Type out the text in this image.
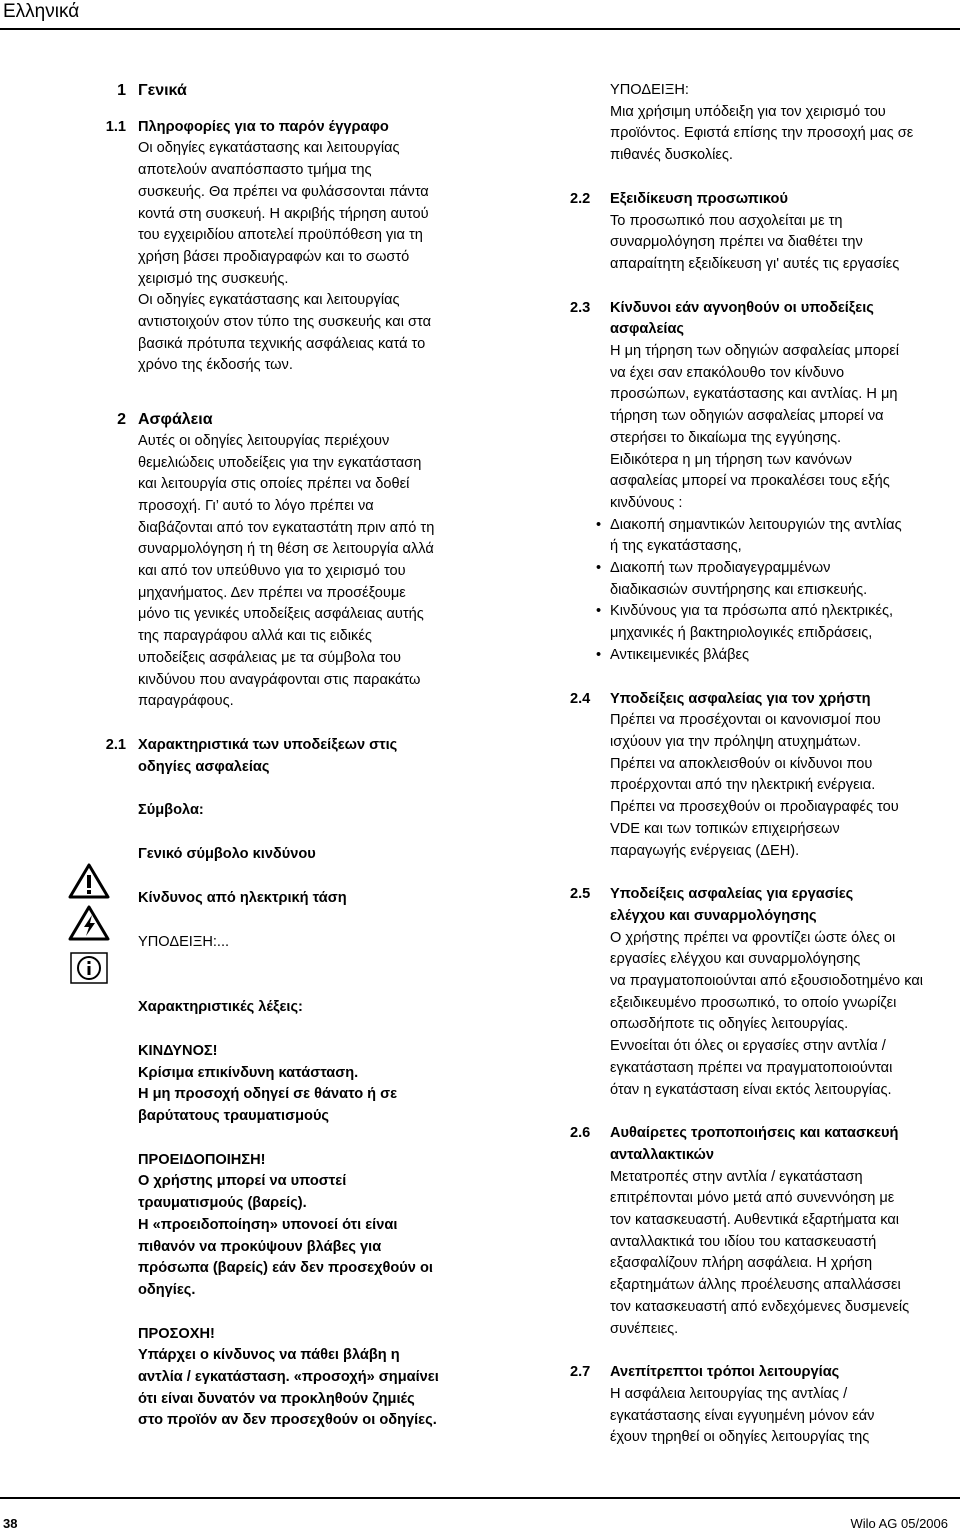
Ελληνικά
1 Γενικά
1.1 Πληροφορίες για το παρόν έγγραφο
Οι οδηγίες εγκατάστασης και λειτουργίας
αποτελούν αναπόσπαστο τμήμα της
συσκευής. Θα πρέπει να φυλάσσονται πάντα
κοντά στη συσκευή. Η ακριβής τήρηση αυτού
του εγχειριδίου αποτελεί προϋπόθεση για τη
χρήση βάσει προδιαγραφών και το σωστό
χειρισμό της συσκευής.
Οι οδηγίες εγκατάστασης και λειτουργίας
αντιστοιχούν στον τύπο της συσκευής και στα
βασικά πρότυπα τεχνικής ασφάλειας κατά το
χρόνο της έκδοσής των.
2 Ασφάλεια
Αυτές οι οδηγίες λειτουργίας περιέχουν
θεμελιώδεις υποδείξεις για την εγκατάσταση
και λειτουργία στις οποίες πρέπει να δοθεί
προσοχή. Γι’ αυτό το λόγο πρέπει να
διαβάζονται από τον εγκαταστάτη πριν από τη
συναρμολόγηση ή τη θέση σε λειτουργία αλλά
και από τον υπεύθυνο για το χειρισμό του
μηχανήματος. Δεν πρέπει να προσέξουμε
μόνο τις γενικές υποδείξεις ασφάλειας αυτής
της παραγράφου αλλά και τις ειδικές
υποδείξεις ασφάλειας με τα σύμβολα του
κινδύνου που αναγράφονται στις παρακάτω
παραγράφους.
2.1 Χαρακτηριστικά των υποδείξεων στις
οδηγίες ασφαλείας
Σύμβολα:
Γενικό σύμβολο κινδύνου
Κίνδυνος από ηλεκτρική τάση
ΥΠΟΔΕΙΞΗ:...
Χαρακτηριστικές λέξεις:
ΚΙΝΔΥΝΟΣ!
Κρίσιμα επικίνδυνη κατάσταση.
Η μη προσοχή οδηγεί σε θάνατο ή σε
βαρύτατους τραυματισμούς
ΠΡΟΕΙΔΟΠΟΙΗΣΗ!
Ο χρήστης μπορεί να υποστεί
τραυματισμούς (βαρείς).
Η «προειδοποίηση» υπονοεί ότι είναι
πιθανόν να προκύψουν βλάβες για
πρόσωπα (βαρείς) εάν δεν προσεχθούν οι
οδηγίες.
ΠΡΟΣΟΧΗ!
Υπάρχει ο κίνδυνος να πάθει βλάβη η
αντλία / εγκατάσταση. «προσοχή» σημαίνει
ότι είναι δυνατόν να προκληθούν ζημιές
στο προϊόν αν δεν προσεχθούν οι οδηγίες.
ΥΠΟΔΕΙΞΗ:
Μια χρήσιμη υπόδειξη για τον χειρισμό του
προϊόντος. Εφιστά επίσης την προσοχή μας σε
πιθανές δυσκολίες.
2.2	Εξειδίκευση προσωπικού
Το προσωπικό που ασχολείται με τη
συναρμολόγηση πρέπει να διαθέτει την
απαραίτητη εξειδίκευση γι' αυτές τις εργασίες
2.3	Κίνδυνοι εάν αγνοηθούν οι υποδείξεις
ασφαλείας
Η μη τήρηση των οδηγιών ασφαλείας μπορεί
να έχει σαν επακόλουθο τον κίνδυνο
προσώπων, εγκατάστασης και αντλίας. Η μη
τήρηση των οδηγιών ασφαλείας μπορεί να
στερήσει το δικαίωμα της εγγύησης.
Ειδικότερα η μη τήρηση των κανόνων
ασφαλείας μπορεί να προκαλέσει τους εξής
κινδύνους :
• Διακοπή σημαντικών λειτουργιών της αντλίας
ή της εγκατάστασης,
• Διακοπή των προδιαγεγραμμένων
διαδικασιών συντήρησης και επισκευής.
• Κινδύνους για τα πρόσωπα από ηλεκτρικές,
μηχανικές ή βακτηριολογικές επιδράσεις,
• Αντικειμενικές βλάβες
2.4	Υποδείξεις ασφαλείας για τον χρήστη
Πρέπει να προσέχονται οι κανονισμοί που
ισχύουν για την πρόληψη ατυχημάτων.
Πρέπει να αποκλεισθούν οι κίνδυνοι που
προέρχονται από την ηλεκτρική ενέργεια.
Πρέπει να προσεχθούν οι προδιαγραφές του
VDE και των τοπικών επιχειρήσεων
παραγωγής ενέργειας (ΔΕΗ).
2.5	Υποδείξεις ασφαλείας για εργασίες
ελέγχου και συναρμολόγησης
Ο χρήστης πρέπει να φροντίζει ώστε όλες οι
εργασίες ελέγχου και συναρμολόγησης
να πραγματοποιούνται από εξουσιοδοτημένο και
εξειδικευμένο προσωπικό, το οποίο γνωρίζει
οπωσδήποτε τις οδηγίες λειτουργίας.
Εννοείται ότι όλες οι εργασίες στην αντλία /
εγκατάσταση πρέπει να πραγματοποιούνται
όταν η εγκατάσταση είναι εκτός λειτουργίας.
2.6	Αυθαίρετες τροποποιήσεις και κατασκευή
ανταλλακτικών
Μετατροπές στην αντλία / εγκατάσταση
επιτρέπονται μόνο μετά από συνεννόηση με
τον κατασκευαστή. Αυθεντικά εξαρτήματα και
ανταλλακτικά του ιδίου του κατασκευαστή
εξασφαλίζουν πλήρη ασφάλεια. Η χρήση
εξαρτημάτων άλλης προέλευσης απαλλάσσει
τον κατασκευαστή από ενδεχόμενες δυσμενείς
συνέπειες.
2.7	Ανεπίτρεπτοι τρόποι λειτουργίας
Η ασφάλεια λειτουργίας της αντλίας /
εγκατάστασης είναι εγγυημένη μόνον εάν
έχουν τηρηθεί οι οδηγίες λειτουργίας της
38	Wilo AG 05/2006
